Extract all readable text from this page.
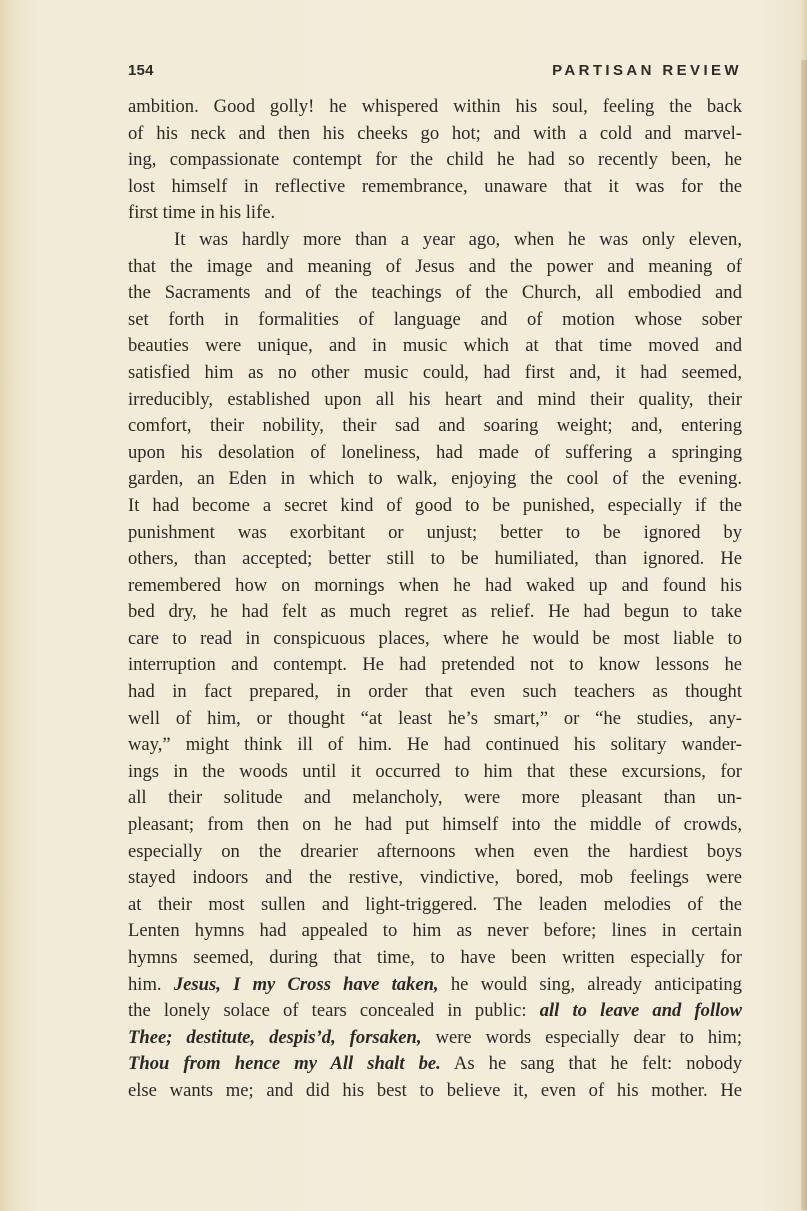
154	PARTISAN REVIEW
ambition. Good golly! he whispered within his soul, feeling the back
of his neck and then his cheeks go hot; and with a cold and marvel-
ing, compassionate contempt for the child he had so recently been, he
lost himself in reflective remembrance, unaware that it was for the
first time in his life.
It was hardly more than a year ago, when he was only eleven,
that the image and meaning of Jesus and the power and meaning of
the Sacraments and of the teachings of the Church, all embodied and
set forth in formalities of language and of motion whose sober
beauties were unique, and in music which at that time moved and
satisfied him as no other music could, had first and, it had seemed,
irreducibly, established upon all his heart and mind their quality, their
comfort, their nobility, their sad and soaring weight; and, entering
upon his desolation of loneliness, had made of suffering a springing
garden, an Eden in which to walk, enjoying the cool of the evening.
It had become a secret kind of good to be punished, especially if the
punishment was exorbitant or unjust; better to be ignored by
others, than accepted; better still to be humiliated, than ignored. He
remembered how on mornings when he had waked up and found his
bed dry, he had felt as much regret as relief. He had begun to take
care to read in conspicuous places, where he would be most liable to
interruption and contempt. He had pretended not to know lessons he
had in fact prepared, in order that even such teachers as thought
well of him, or thought “at least he’s smart,” or “he studies, any-
way,” might think ill of him. He had continued his solitary wander-
ings in the woods until it occurred to him that these excursions, for
all their solitude and melancholy, were more pleasant than un-
pleasant; from then on he had put himself into the middle of crowds,
especially on the drearier afternoons when even the hardiest boys
stayed indoors and the restive, vindictive, bored, mob feelings were
at their most sullen and light-triggered. The leaden melodies of the
Lenten hymns had appealed to him as never before; lines in certain
hymns seemed, during that time, to have been written especially for
him. Jesus, I my Cross have taken, he would sing, already anticipating
the lonely solace of tears concealed in public: all to leave and follow
Thee; destitute, despis’d, forsaken, were words especially dear to him;
Thou from hence my All shalt be. As he sang that he felt: nobody
else wants me; and did his best to believe it, even of his mother. He
